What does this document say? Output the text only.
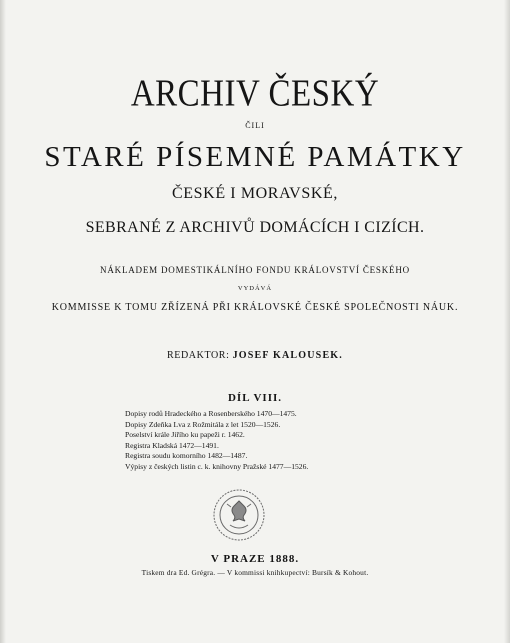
ARCHIV ČESKÝ
ČILI
STARÉ PÍSEMNÉ PAMÁTKY
ČESKÉ I MORAVSKÉ,
SEBRANÉ Z ARCHIVŮ DOMÁCÍCH I CIZÍCH.
NÁKLADEM DOMESTIKÁLNÍHO FONDU KRÁLOVSTVÍ ČESKÉHO
VYDÁVÁ
KOMMISSE K TOMU ZŘÍZENÁ PŘI KRÁLOVSKÉ ČESKÉ SPOLEČNOSTI NÁUK.
REDAKTOR: JOSEF KALOUSEK.
DÍL VIII.
Dopisy rodů Hradeckého a Rosenberského 1470—1475.
Dopisy Zdeňka Lva z Rožmitála z let 1520—1526.
Poselství krále Jiřího ku papeži r. 1462.
Registra Kladská 1472—1491.
Registra soudu komorního 1482—1487.
Výpisy z českých listin c. k. knihovny Pražské 1477—1526.
V PRAZE 1888.
Tiskem dra Ed. Grégra. — V kommissi knihkupectví: Bursík & Kohout.
